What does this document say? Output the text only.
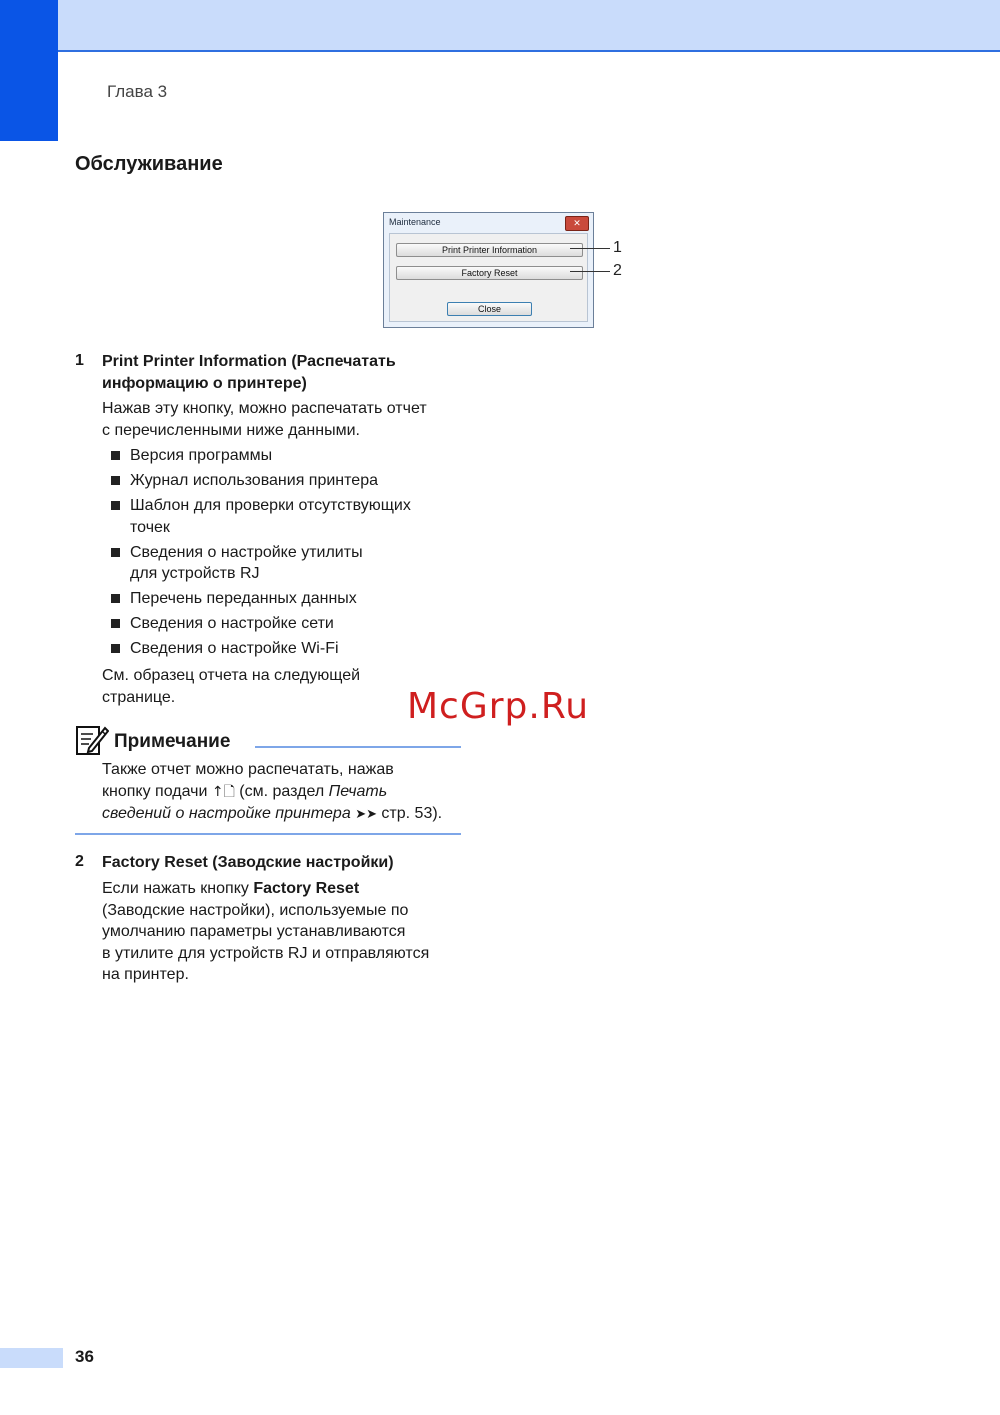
Глава 3
Обслуживание
Maintenance	✕
Print Printer Information
Factory Reset
Close
1
2
1 Print Printer Information (Распечатать
информацию о принтере)
Нажав эту кнопку, можно распечатать отчет
с перечисленными ниже данными.
Версия программы
Журнал использования принтера
Шаблон для проверки отсутствующих
точек
Сведения о настройке утилиты
для устройств RJ
Перечень переданных данных
Сведения о настройке сети
Сведения о настройке Wi-Fi
См. образец отчета на следующей
странице.	McGrp.Ru
Примечание
Также отчет можно распечатать, нажав
кнопку подачи ↑🗋 (см. раздел Печать
сведений о настройке принтера ➤➤ стр. 53).
2 Factory Reset (Заводские настройки)
Если нажать кнопку Factory Reset
(Заводские настройки), используемые по
умолчанию параметры устанавливаются
в утилите для устройств RJ и отправляются
на принтер.
36
